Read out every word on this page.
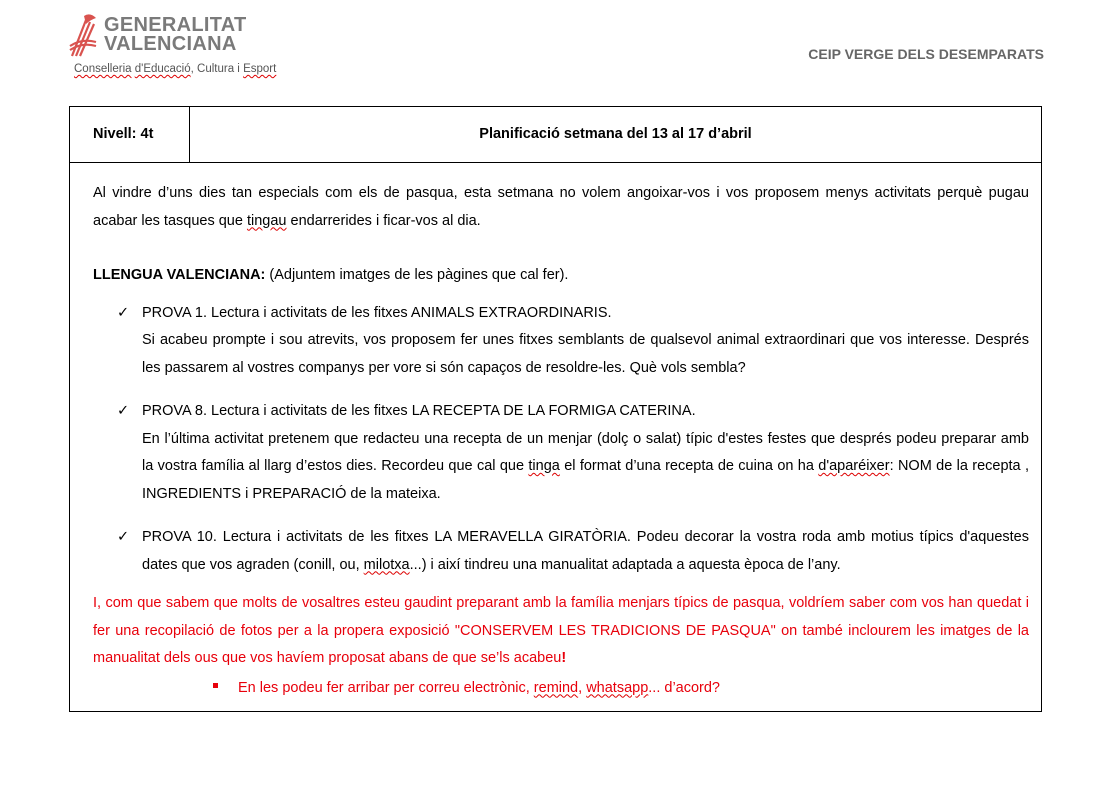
GENERALITAT
VALENCIANA
Conselleria d'Educació, Cultura i Esport
CEIP VERGE DELS DESEMPARATS
Nivell: 4t	Planificació setmana del 13 al 17 d’abril

Al vindre d’uns dies tan especials com els de pasqua, esta setmana no volem angoixar-vos i vos proposem menys activitats perquè pugau acabar les tasques que tingau endarrerides i ficar-vos al dia.

LLENGUA VALENCIANA: (Adjuntem imatges de les pàgines que cal fer).

✓ PROVA 1. Lectura i activitats de les fitxes ANIMALS EXTRAORDINARIS.

Si acabeu prompte i sou atrevits, vos proposem fer unes fitxes semblants de qualsevol animal extraordinari que vos interesse. Després les passarem al vostres companys per vore si són capaços de resoldre-les. Què vols sembla?

✓ PROVA 8. Lectura i activitats de les fitxes LA RECEPTA DE LA FORMIGA CATERINA.

En l’última activitat pretenem que redacteu una recepta de un menjar (dolç o salat) típic d'estes festes que després podeu preparar amb la vostra família al llarg d’estos dies. Recordeu que cal que tinga el format d’una recepta de cuina on ha d'aparéixer: NOM de la recepta , INGREDIENTS i PREPARACIÓ de la mateixa.

✓ PROVA 10. Lectura i activitats de les fitxes LA MERAVELLA GIRATÒRIA. Podeu decorar la vostra roda amb motius típics d'aquestes dates que vos agraden (conill, ou, milotxa...) i així tindreu una manualitat adaptada a aquesta època de l’any.

I, com que sabem que molts de vosaltres esteu gaudint preparant amb la família menjars típics de pasqua, voldríem saber com vos han quedat i fer una recopilació de fotos per a la propera exposició "CONSERVEM LES TRADICIONS DE PASQUA" on també inclourem les imatges de la manualitat dels ous que vos havíem proposat abans de que se’ls acabeu!

En les podeu fer arribar per correu electrònic, remind, whatsapp... d’acord?
